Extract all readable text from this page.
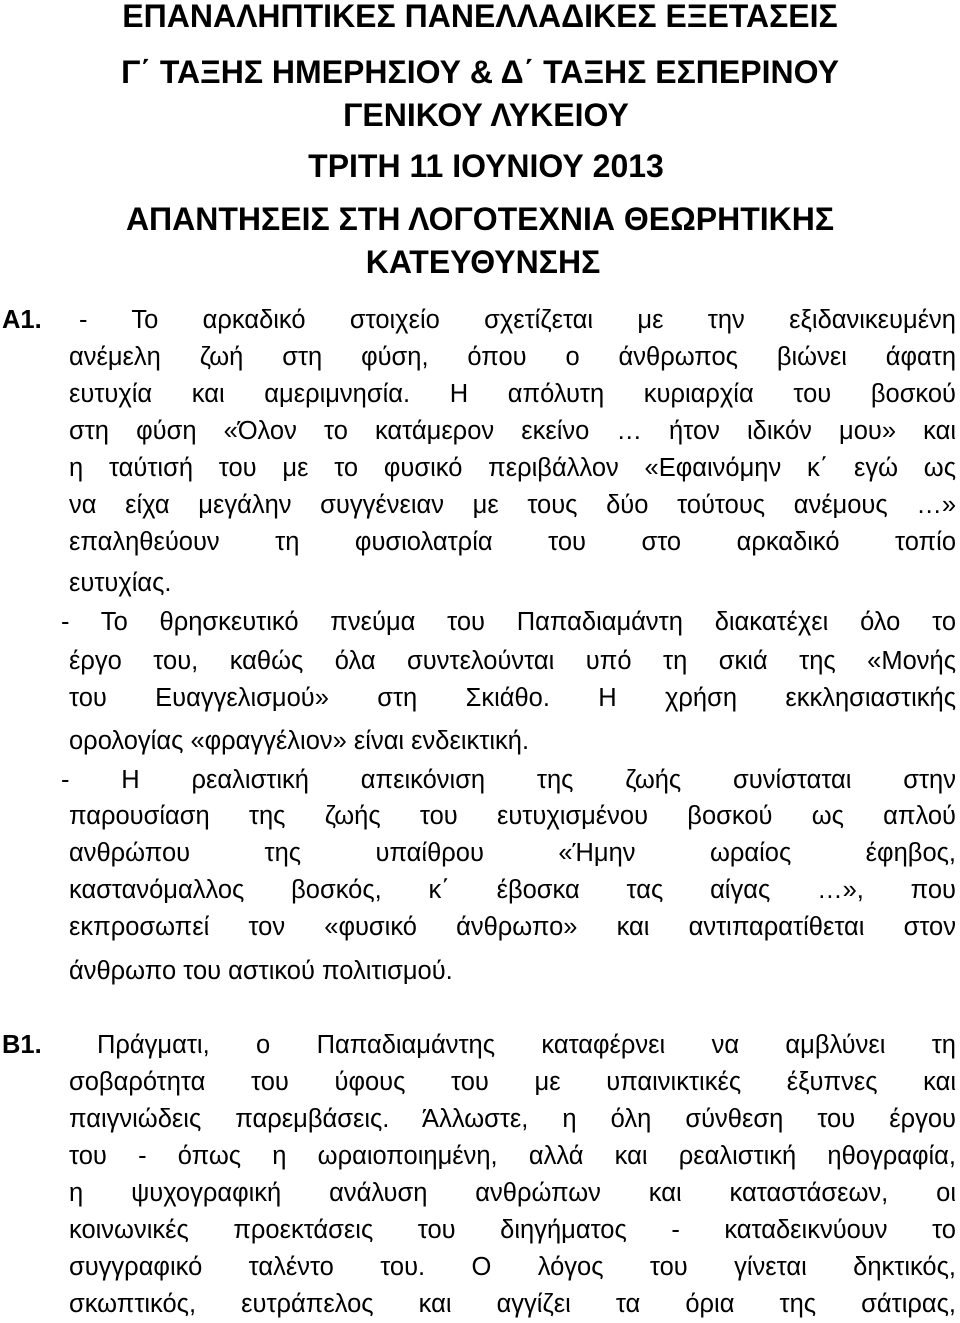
ΕΠΑΝΑΛΗΠΤΙΚΕΣ ΠΑΝΕΛΛΑΔΙΚΕΣ ΕΞΕΤΑΣΕΙΣ
Γ΄ ΤΑΞΗΣ ΗΜΕΡΗΣΙΟΥ & Δ΄ ΤΑΞΗΣ ΕΣΠΕΡΙΝΟΥ
ΓΕΝΙΚΟΥ ΛΥΚΕΙΟΥ
ΤΡΙΤΗ 11 ΙΟΥΝΙΟΥ 2013
ΑΠΑΝΤΗΣΕΙΣ ΣΤΗ ΛΟΓΟΤΕΧΝΙΑ ΘΕΩΡΗΤΙΚΗΣ
ΚΑΤΕΥΘΥΝΣΗΣ
Α1. - Το αρκαδικό στοιχείο σχετίζεται με την εξιδανικευμένη
ανέμελη ζωή στη φύση, όπου ο άνθρωπος βιώνει άφατη
ευτυχία και αμεριμνησία. Η απόλυτη κυριαρχία του βοσκού
στη φύση «Όλον το κατάμερον εκείνο … ήτον ιδικόν μου» και
η ταύτισή του με το φυσικό περιβάλλον «Εφαινόμην κ΄ εγώ ως
να είχα μεγάλην συγγένειαν με τους δύο τούτους ανέμους …»
επαληθεύουν τη φυσιολατρία του στο αρκαδικό τοπίο
ευτυχίας.
- Το θρησκευτικό πνεύμα του Παπαδιαμάντη διακατέχει όλο το
έργο του, καθώς όλα συντελούνται υπό τη σκιά της «Μονής
του Ευαγγελισμού» στη Σκιάθο. Η χρήση εκκλησιαστικής
ορολογίας «φραγγέλιον» είναι ενδεικτική.
- Η ρεαλιστική απεικόνιση της ζωής συνίσταται στην
παρουσίαση της ζωής του ευτυχισμένου βοσκού ως απλού
ανθρώπου της υπαίθρου «Ήμην ωραίος έφηβος,
καστανόμαλλος βοσκός, κ΄ έβοσκα τας αίγας …», που
εκπροσωπεί τον «φυσικό άνθρωπο» και αντιπαρατίθεται στον
άνθρωπο του αστικού πολιτισμού.
Β1. Πράγματι, ο Παπαδιαμάντης καταφέρνει να αμβλύνει τη
σοβαρότητα του ύφους του με υπαινικτικές έξυπνες και
παιγνιώδεις παρεμβάσεις. Άλλωστε, η όλη σύνθεση του έργου
του - όπως η ωραιοποιημένη, αλλά και ρεαλιστική ηθογραφία,
η ψυχογραφική ανάλυση ανθρώπων και καταστάσεων, οι
κοινωνικές προεκτάσεις του διηγήματος - καταδεικνύουν το
συγγραφικό ταλέντο του. Ο λόγος του γίνεται δηκτικός,
σκωπτικός, ευτράπελος και αγγίζει τα όρια της σάτιρας,
